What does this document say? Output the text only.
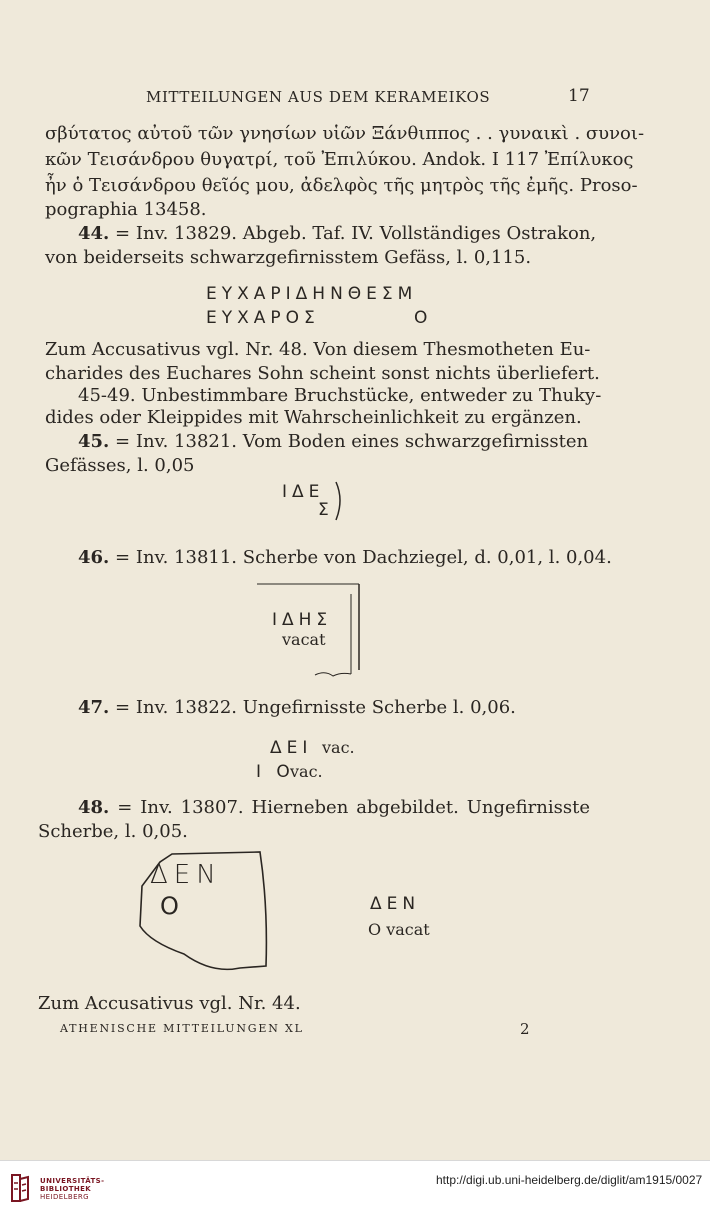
MITTEILUNGEN AUS DEM KERAMEIKOS	17
σβύτατος αὐτοῦ τῶν γνησίων υἱῶν Ξάνθιππος . . γυναικὶ . συνοι-
κῶν Τεισάνδρου θυγατρί, τοῦ Ἐπιλύκου. Andok. I 117 Ἐπίλυκος
ἦν ὁ Τεισάνδρου θεῖός μου, ἀδελφὸς τῆς μητρὸς τῆς ἐμῆς. Proso-
pographia 13458.
44. = Inv. 13829. Abgeb. Taf. IV. Vollständiges Ostrakon,
von beiderseits schwarzgefirnisstem Gefäss, l. 0,115.
ΕΥΧΑΡΙΔΗΝΘΕΣΜ
ΕΥΧΑΡΟΣ	Ο
Zum Accusativus vgl. Nr. 48. Von diesem Thesmotheten Eu-
charides des Euchares Sohn scheint sonst nichts überliefert.
45-49. Unbestimmbare Bruchstücke, entweder zu Thuky-
dides oder Kleippides mit Wahrscheinlichkeit zu ergänzen.
45. = Inv. 13821. Vom Boden eines schwarzgefirnissten
Gefässes, l. 0,05
ΙΔΕ
Σ
46. = Inv. 13811. Scherbe von Dachziegel, d. 0,01, l. 0,04.
ΙΔΗΣ
vacat
47. = Inv. 13822. Ungefirnisste Scherbe l. 0,06.
ΔΕΙ vac.
Ι Ο
vac.
48. = Inv. 13807. Hierneben abgebildet. Ungefirnisste
Scherbe, l. 0,05.
ΔΕΝ
Ο	ΔΕΝ
Ο vacat
Zum Accusativus vgl. Nr. 44.
ATHENISCHE MITTEILUNGEN XL	2
UNIVERSITÄTS-
BIBLIOTHEK
HEIDELBERG
http://digi.ub.uni-heidelberg.de/diglit/am1915/0027
